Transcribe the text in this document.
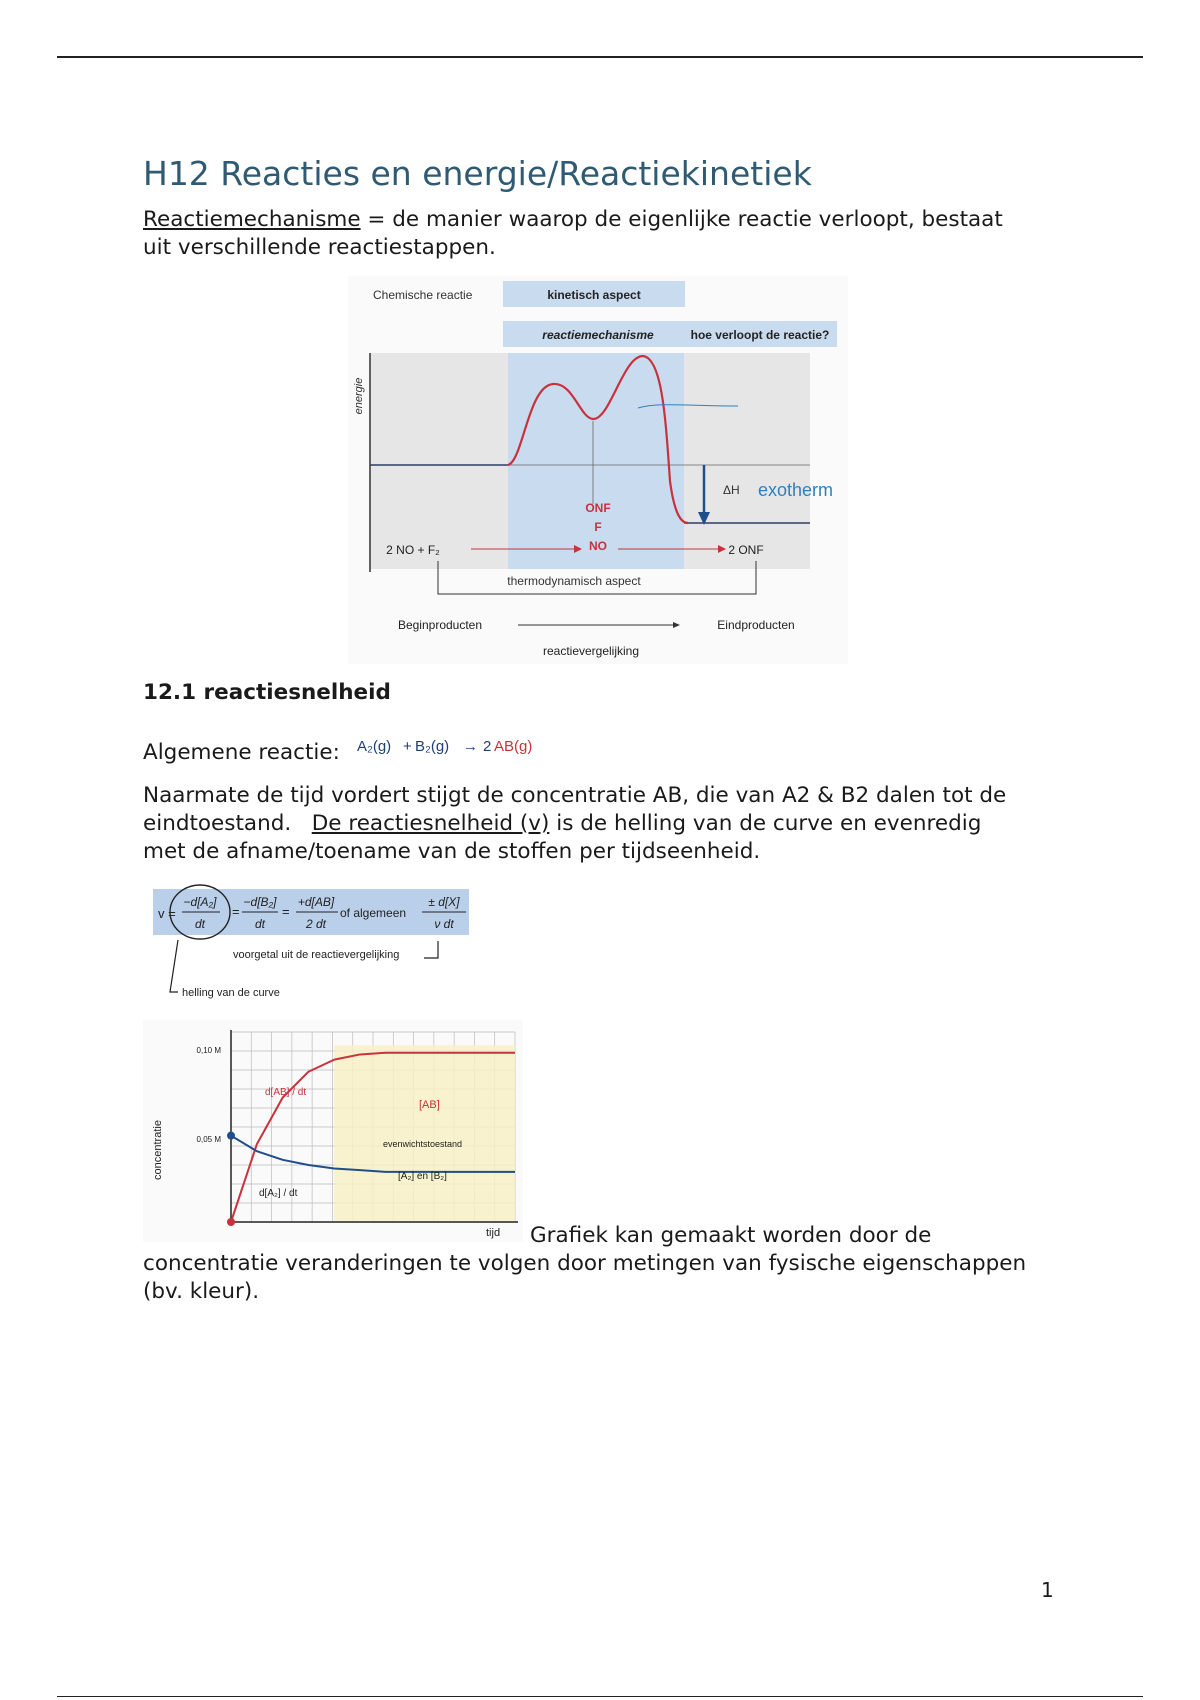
H12 Reacties en energie/Reactiekinetiek
Reactiemechanisme = de manier waarop de eigenlijke reactie verloopt, bestaat
uit verschillende reactiestappen.
Chemische reactie	kinetisch aspect
reactiemechanisme	hoe verloopt de reactie?
energie
ΔH exotherm
ONF
F
NO
2 NO + F₂	2 ONF
thermodynamisch aspect
Beginproducten	Eindproducten
reactievergelijking
12.1 reactiesnelheid
Algemene reactie: A₂(g) + B₂(g) → 2 AB(g)
Naarmate de tijd vordert stijgt de concentratie AB, die van A2 & B2 dalen tot de
eindtoestand.   De reactiesnelheid (v) is de helling van de curve en evenredig
met de afname/toename van de stoffen per tijdseenheid.
v =
−d[A₂]
dt
=
−d[B₂]
dt
=
+d[AB]
2 dt
of algemeen
± d[X]
ν dt
voorgetal uit de reactievergelijking
helling van de curve
concentratie
tijd
0,10 M
0,05 M
d[AB] / dt
[AB]
evenwichtstoestand
[A₂] en [B₂]
d[A₂] / dt
Grafiek kan gemaakt worden door de
concentratie veranderingen te volgen door metingen van fysische eigenschappen
(bv. kleur).
1
